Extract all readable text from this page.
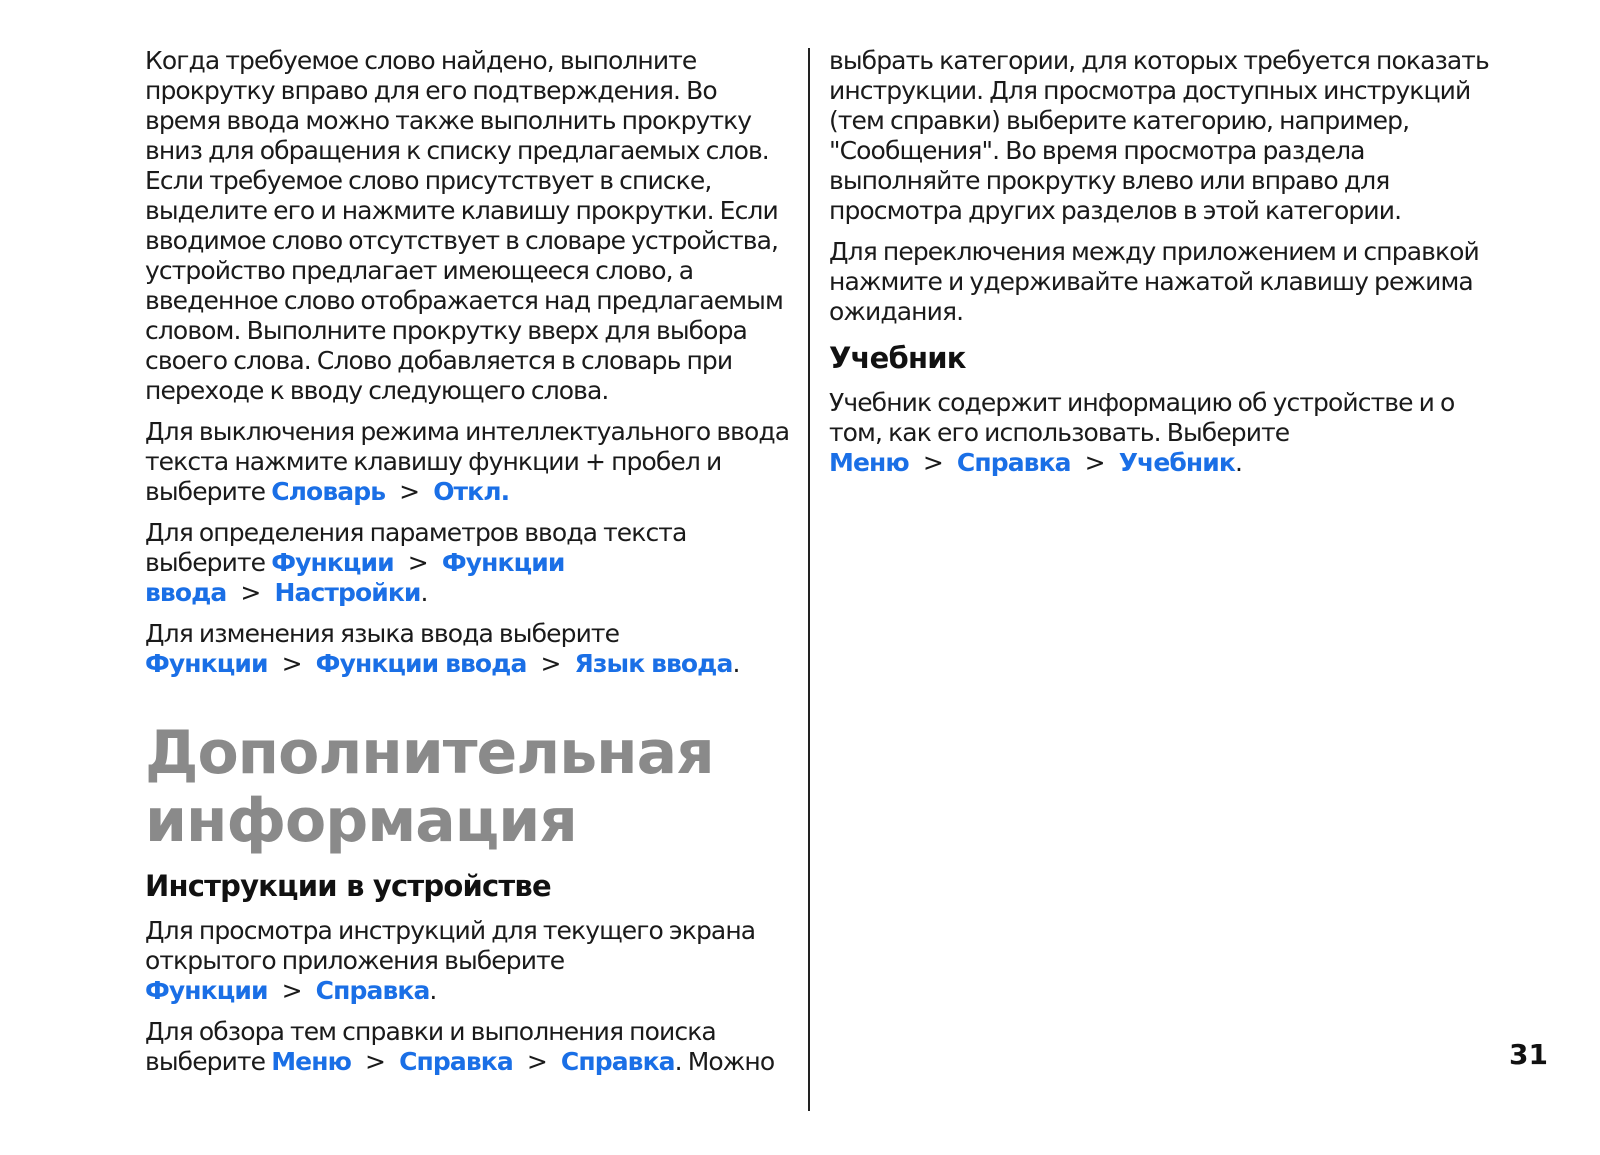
Когда требуемое слово найдено, выполните прокрутку вправо для его подтверждения. Во время ввода можно также выполнить прокрутку вниз для обращения к списку предлагаемых слов. Если требуемое слово присутствует в списке, выделите его и нажмите клавишу прокрутки. Если вводимое слово отсутствует в словаре устройства, устройство предлагает имеющееся слово, а введенное слово отображается над предлагаемым словом. Выполните прокрутку вверх для выбора своего слова. Слово добавляется в словарь при переходе к вводу следующего слова.

Для выключения режима интеллектуального ввода текста нажмите клавишу функции + пробел и выберите Словарь > Откл.

Для определения параметров ввода текста выберите Функции > Функции ввода > Настройки.

Для изменения языка ввода выберите Функции > Функции ввода > Язык ввода.

Дополнительная информация
Инструкции в устройстве

Для просмотра инструкций для текущего экрана открытого приложения выберите Функции > Справка.

Для обзора тем справки и выполнения поиска выберите Меню > Справка > Справка. Можно

выбрать категории, для которых требуется показать инструкции. Для просмотра доступных инструкций (тем справки) выберите категорию, например, "Сообщения". Во время просмотра раздела выполняйте прокрутку влево или вправо для просмотра других разделов в этой категории.

Для переключения между приложением и справкой нажмите и удерживайте нажатой клавишу режима ожидания.

Учебник

Учебник содержит информацию об устройстве и о том, как его использовать. Выберите Меню > Справка > Учебник.

31
